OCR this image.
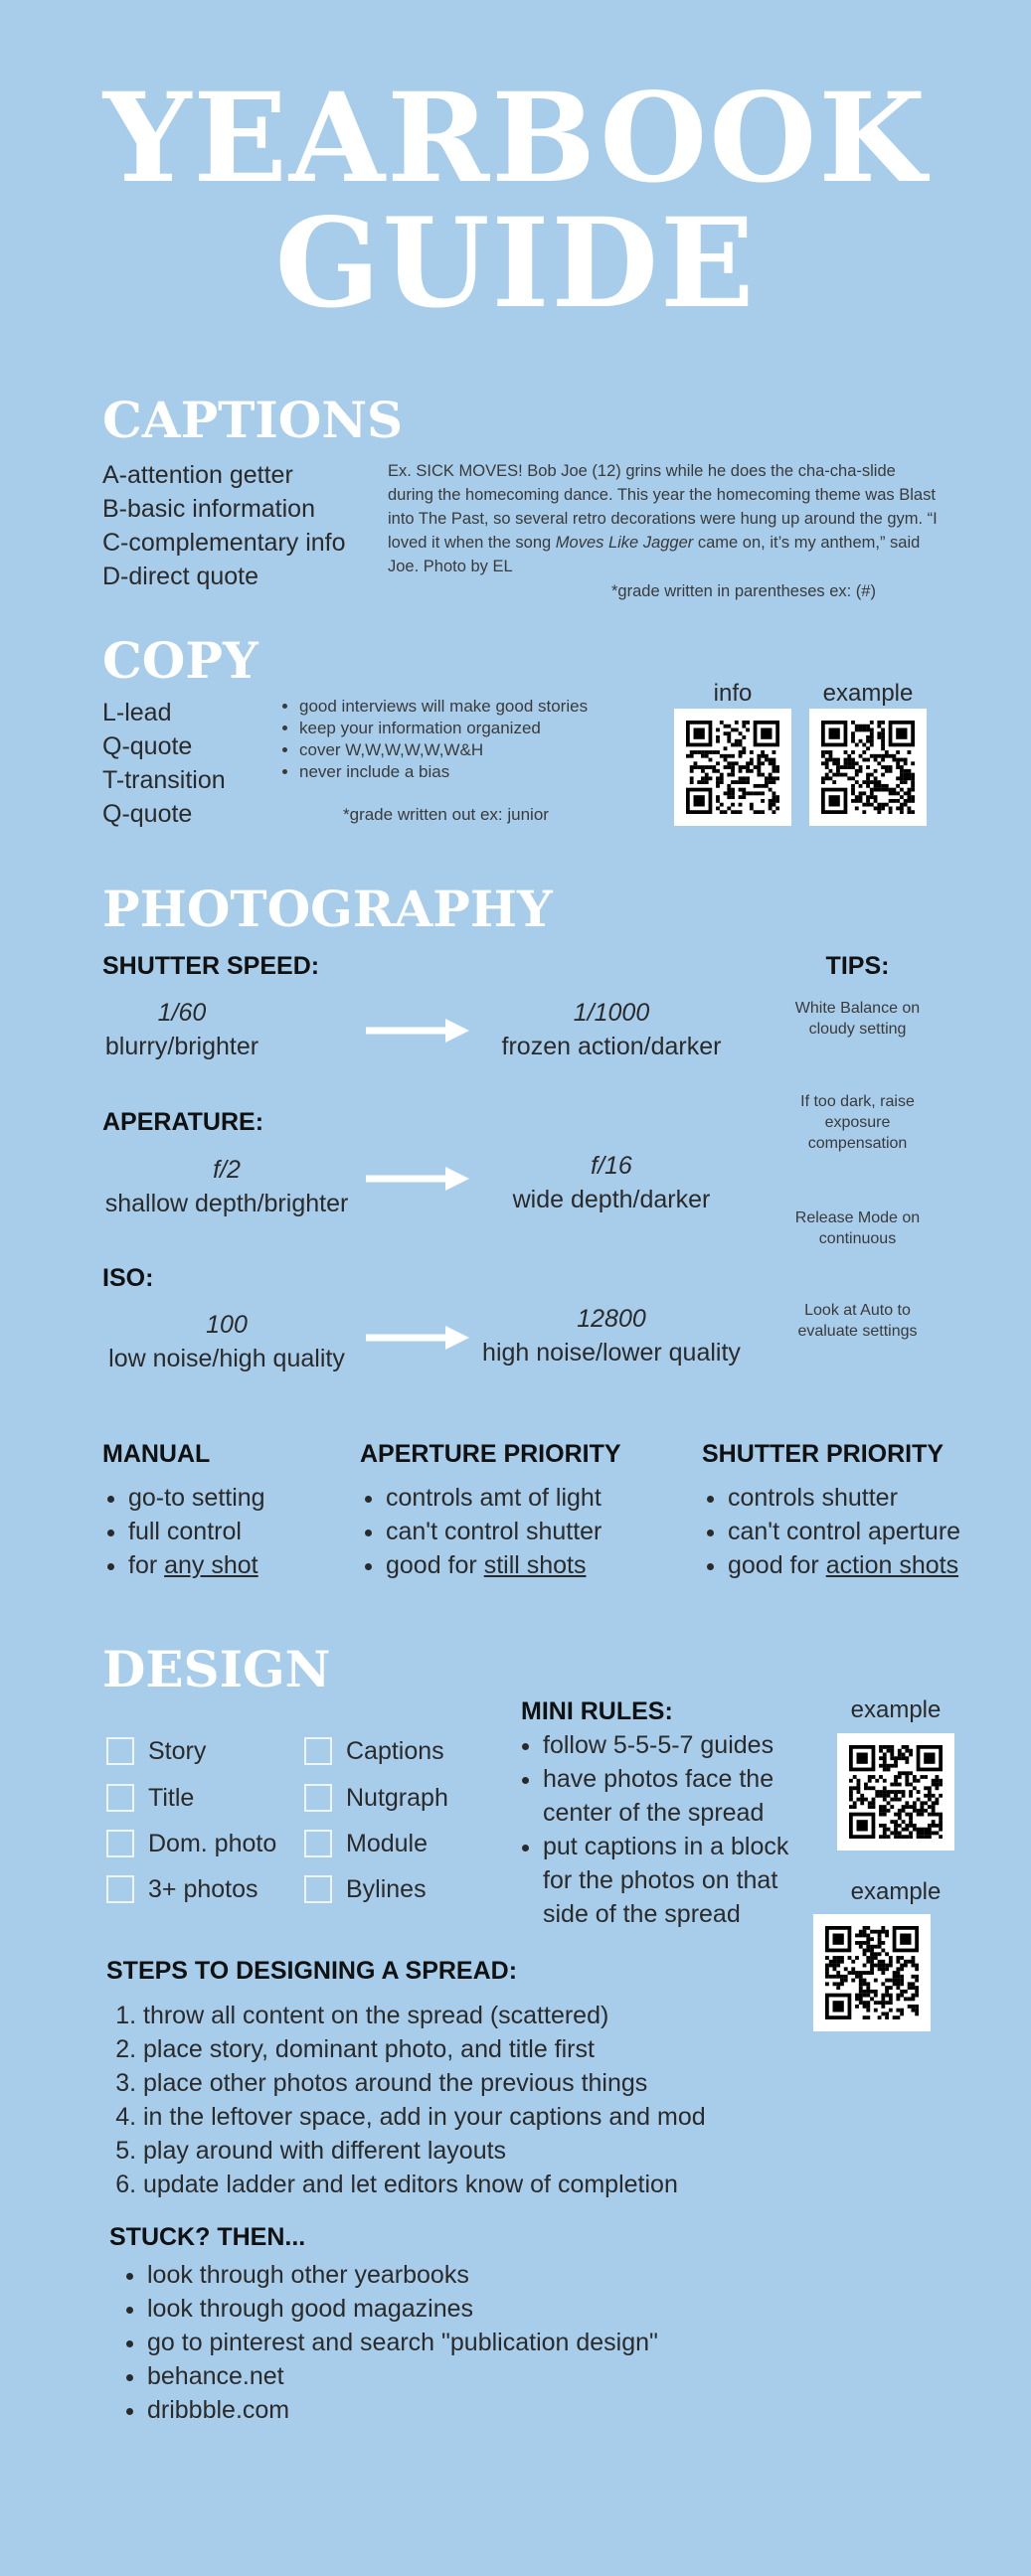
YEARBOOK
GUIDE
CAPTIONS
A-attention getter
B-basic information
C-complementary info
D-direct quote
Ex. SICK MOVES! Bob Joe (12) grins while he does the cha-cha-slide during the homecoming dance. This year the homecoming theme was Blast into The Past, so several retro decorations were hung up around the gym. “I loved it when the song Moves Like Jagger came on, it’s my anthem,” said Joe. Photo by EL
*grade written in parentheses ex: (#)
COPY
L-lead
Q-quote
T-transition
Q-quote
• good interviews will make good stories
• keep your information organized
• cover W,W,W,W,W,W&H
• never include a bias
*grade written out ex: junior
info	example
PHOTOGRAPHY
SHUTTER SPEED:
1/60
blurry/brighter
1/1000
frozen action/darker
APERATURE:
f/2
shallow depth/brighter
f/16
wide depth/darker
ISO:
100
low noise/high quality
12800
high noise/lower quality
TIPS:
White Balance on cloudy setting
If too dark, raise exposure compensation
Release Mode on continuous
Look at Auto to evaluate settings
MANUAL
• go-to setting
• full control
• for any shot
APERTURE PRIORITY
• controls amt of light
• can't control shutter
• good for still shots
SHUTTER PRIORITY
• controls shutter
• can't control aperture
• good for action shots
DESIGN
Story
Title
Dom. photo
3+ photos
Captions
Nutgraph
Module
Bylines
MINI RULES:
• follow 5-5-5-7 guides
• have photos face the center of the spread
• put captions in a block for the photos on that side of the spread
example
example
STEPS TO DESIGNING A SPREAD:
1. throw all content on the spread (scattered)
2. place story, dominant photo, and title first
3. place other photos around the previous things
4. in the leftover space, add in your captions and mod
5. play around with different layouts
6. update ladder and let editors know of completion
STUCK? THEN...
• look through other yearbooks
• look through good magazines
• go to pinterest and search "publication design"
• behance.net
• dribbble.com
